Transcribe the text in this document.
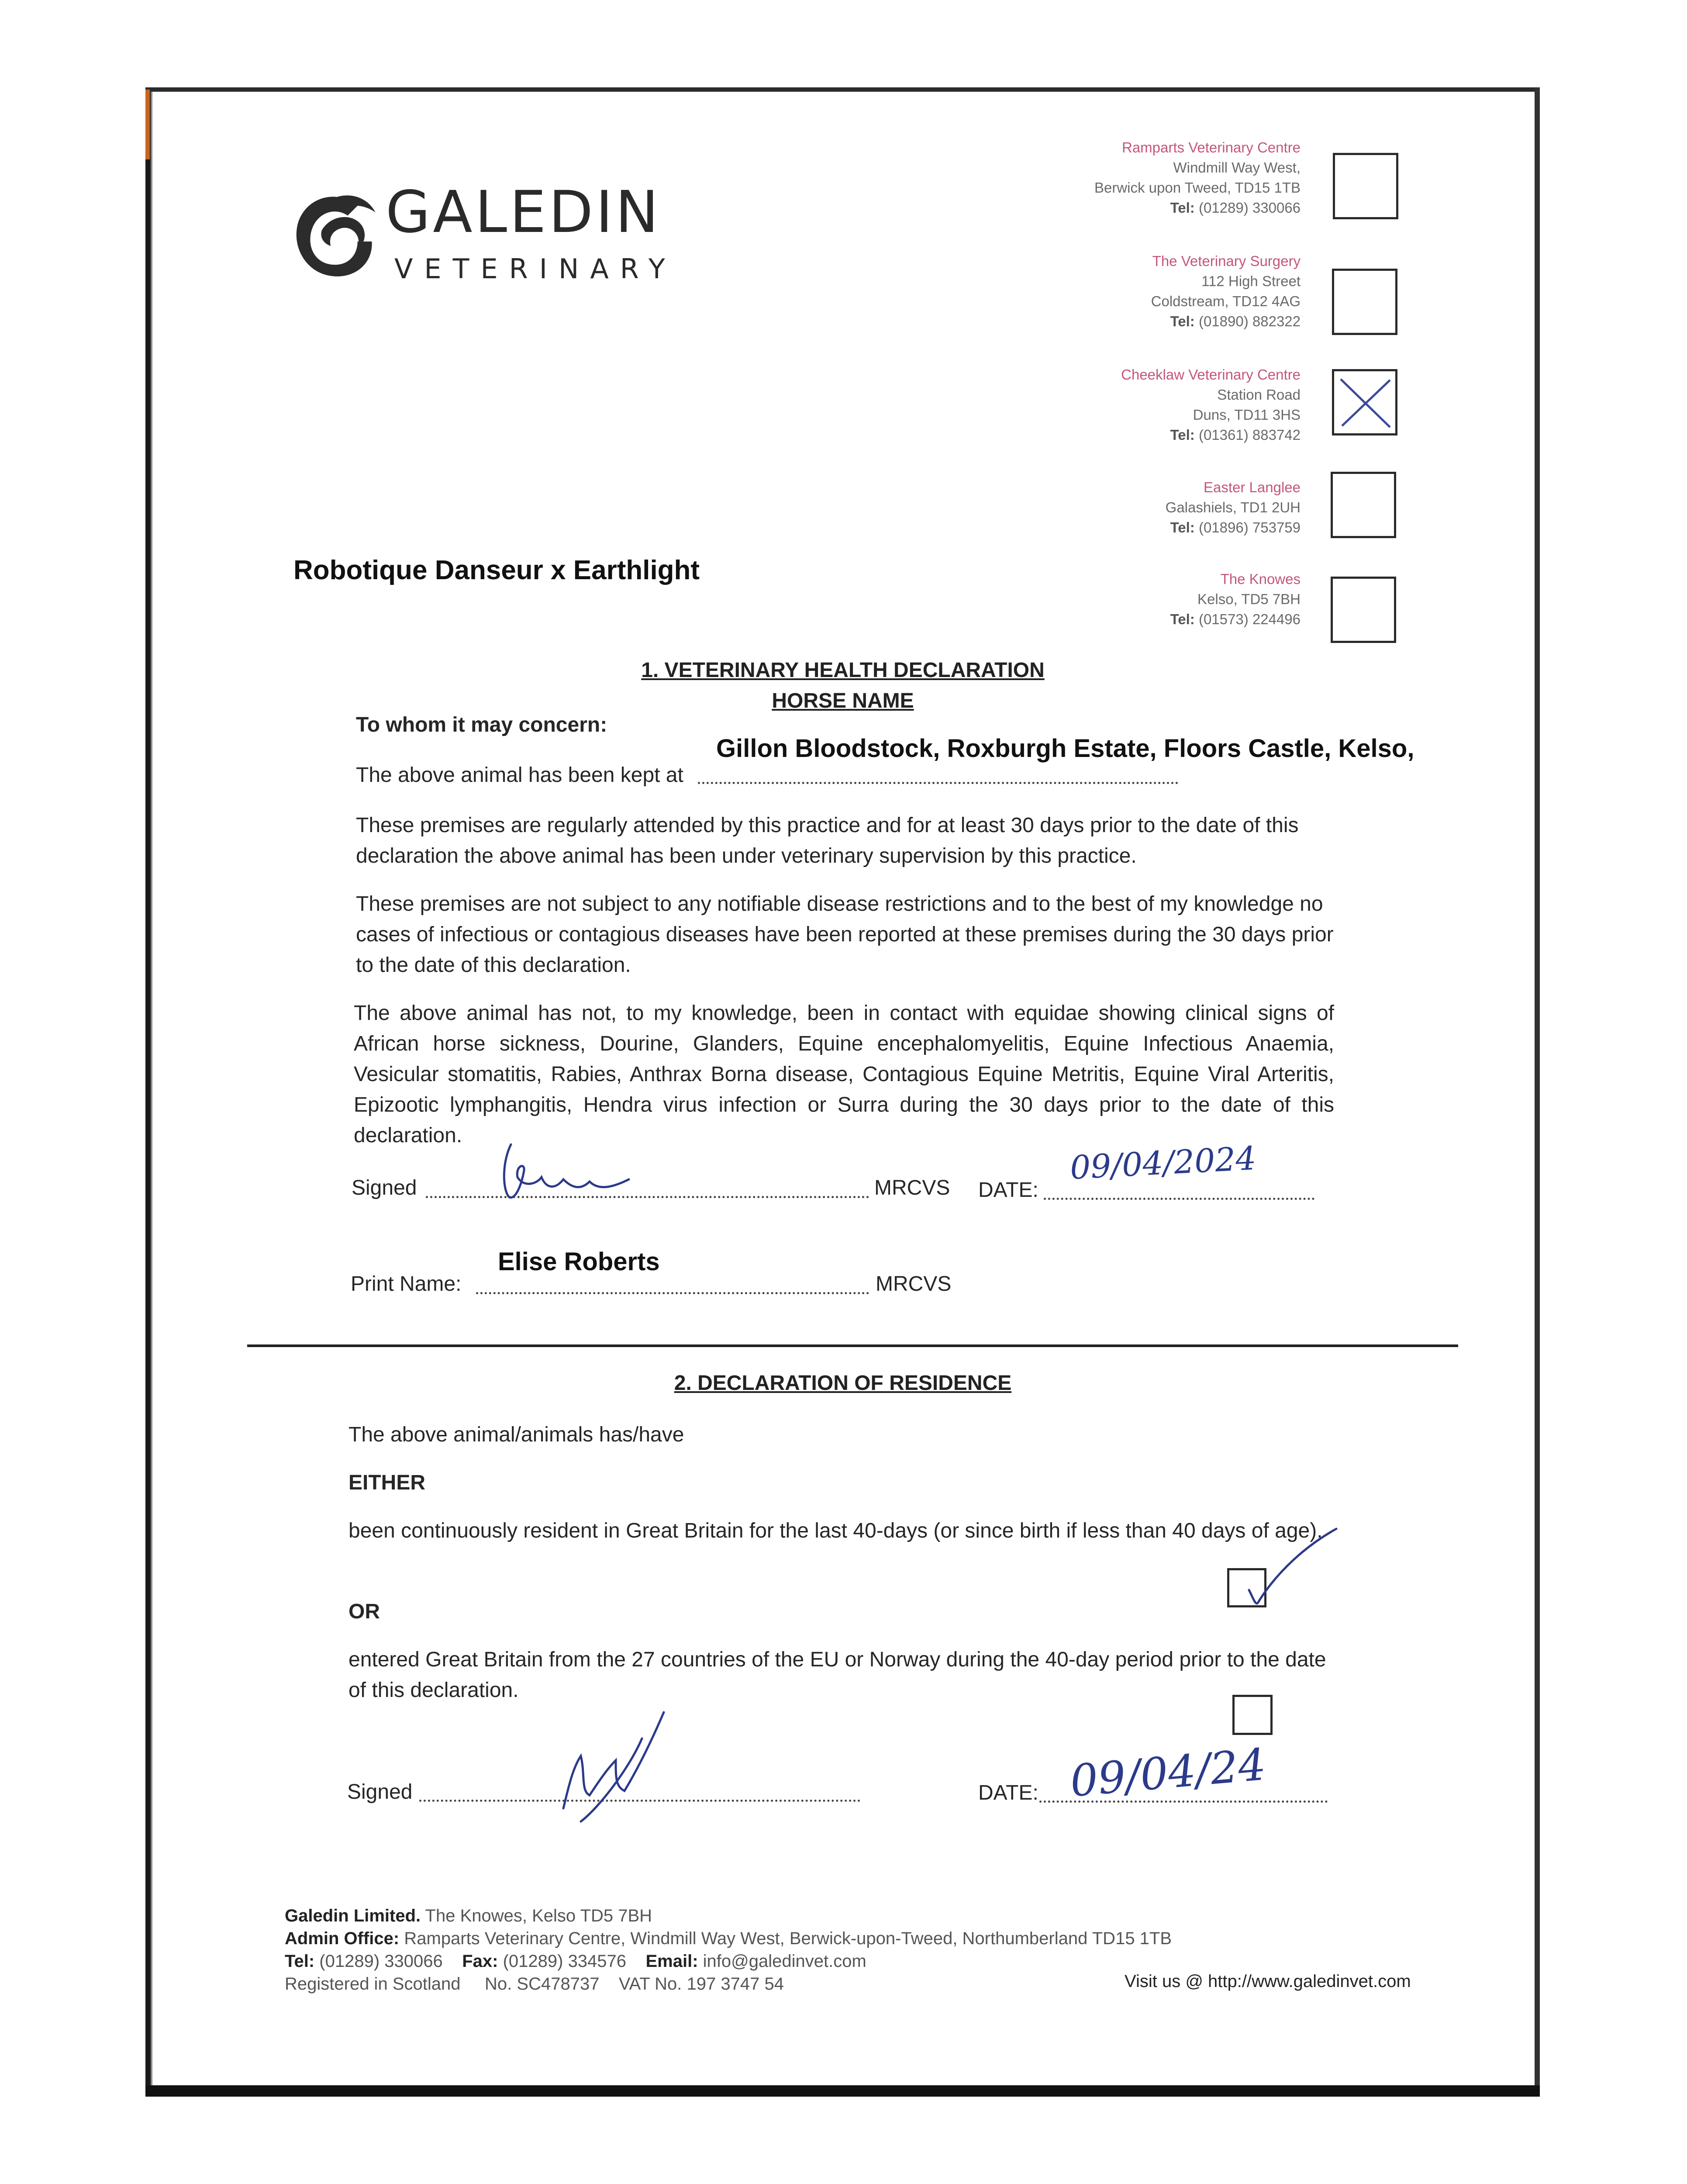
GALEDIN
VETERINARY
Ramparts Veterinary Centre
Windmill Way West,
Berwick upon Tweed, TD15 1TB
Tel: (01289) 330066
The Veterinary Surgery
112 High Street
Coldstream, TD12 4AG
Tel: (01890) 882322
Cheeklaw Veterinary Centre
Station Road
Duns, TD11 3HS
Tel: (01361) 883742
Easter Langlee
Galashiels, TD1 2UH
Tel: (01896) 753759
The Knowes
Kelso, TD5 7BH
Tel: (01573) 224496
Robotique Danseur x Earthlight
1. VETERINARY HEALTH DECLARATION
HORSE NAME
To whom it may concern:
Gillon Bloodstock, Roxburgh Estate, Floors Castle, Kelso,
The above animal has been kept at
These premises are regularly attended by this practice and for at least 30 days prior to the date of this declaration the above animal has been under veterinary supervision by this practice.
These premises are not subject to any notifiable disease restrictions and to the best of my knowledge no cases of infectious or contagious diseases have been reported at these premises during the 30 days prior to the date of this declaration.
The above animal has not, to my knowledge, been in contact with equidae showing clinical signs of African horse sickness, Dourine, Glanders, Equine encephalomyelitis, Equine Infectious Anaemia, Vesicular stomatitis, Rabies, Anthrax Borna disease, Contagious Equine Metritis, Equine Viral Arteritis, Epizootic lymphangitis, Hendra virus infection or Surra during the 30 days prior to the date of this declaration.
Signed	MRCVS DATE:
09/04/2024
Elise Roberts
Print Name:	MRCVS
2. DECLARATION OF RESIDENCE
The above animal/animals has/have
EITHER
been continuously resident in Great Britain for the last 40-days (or since birth if less than 40 days of age).
OR
entered Great Britain from the 27 countries of the EU or Norway during the 40-day period prior to the date of this declaration.
Signed	DATE: 09/04/24
Galedin Limited. The Knowes, Kelso TD5 7BH
Admin Office: Ramparts Veterinary Centre, Windmill Way West, Berwick-upon-Tweed, Northumberland TD15 1TB
Tel: (01289) 330066 Fax: (01289) 334576 Email: info@galedinvet.com
Registered in Scotland No. SC478737 VAT No. 197 3747 54	Visit us @ http://www.galedinvet.com
